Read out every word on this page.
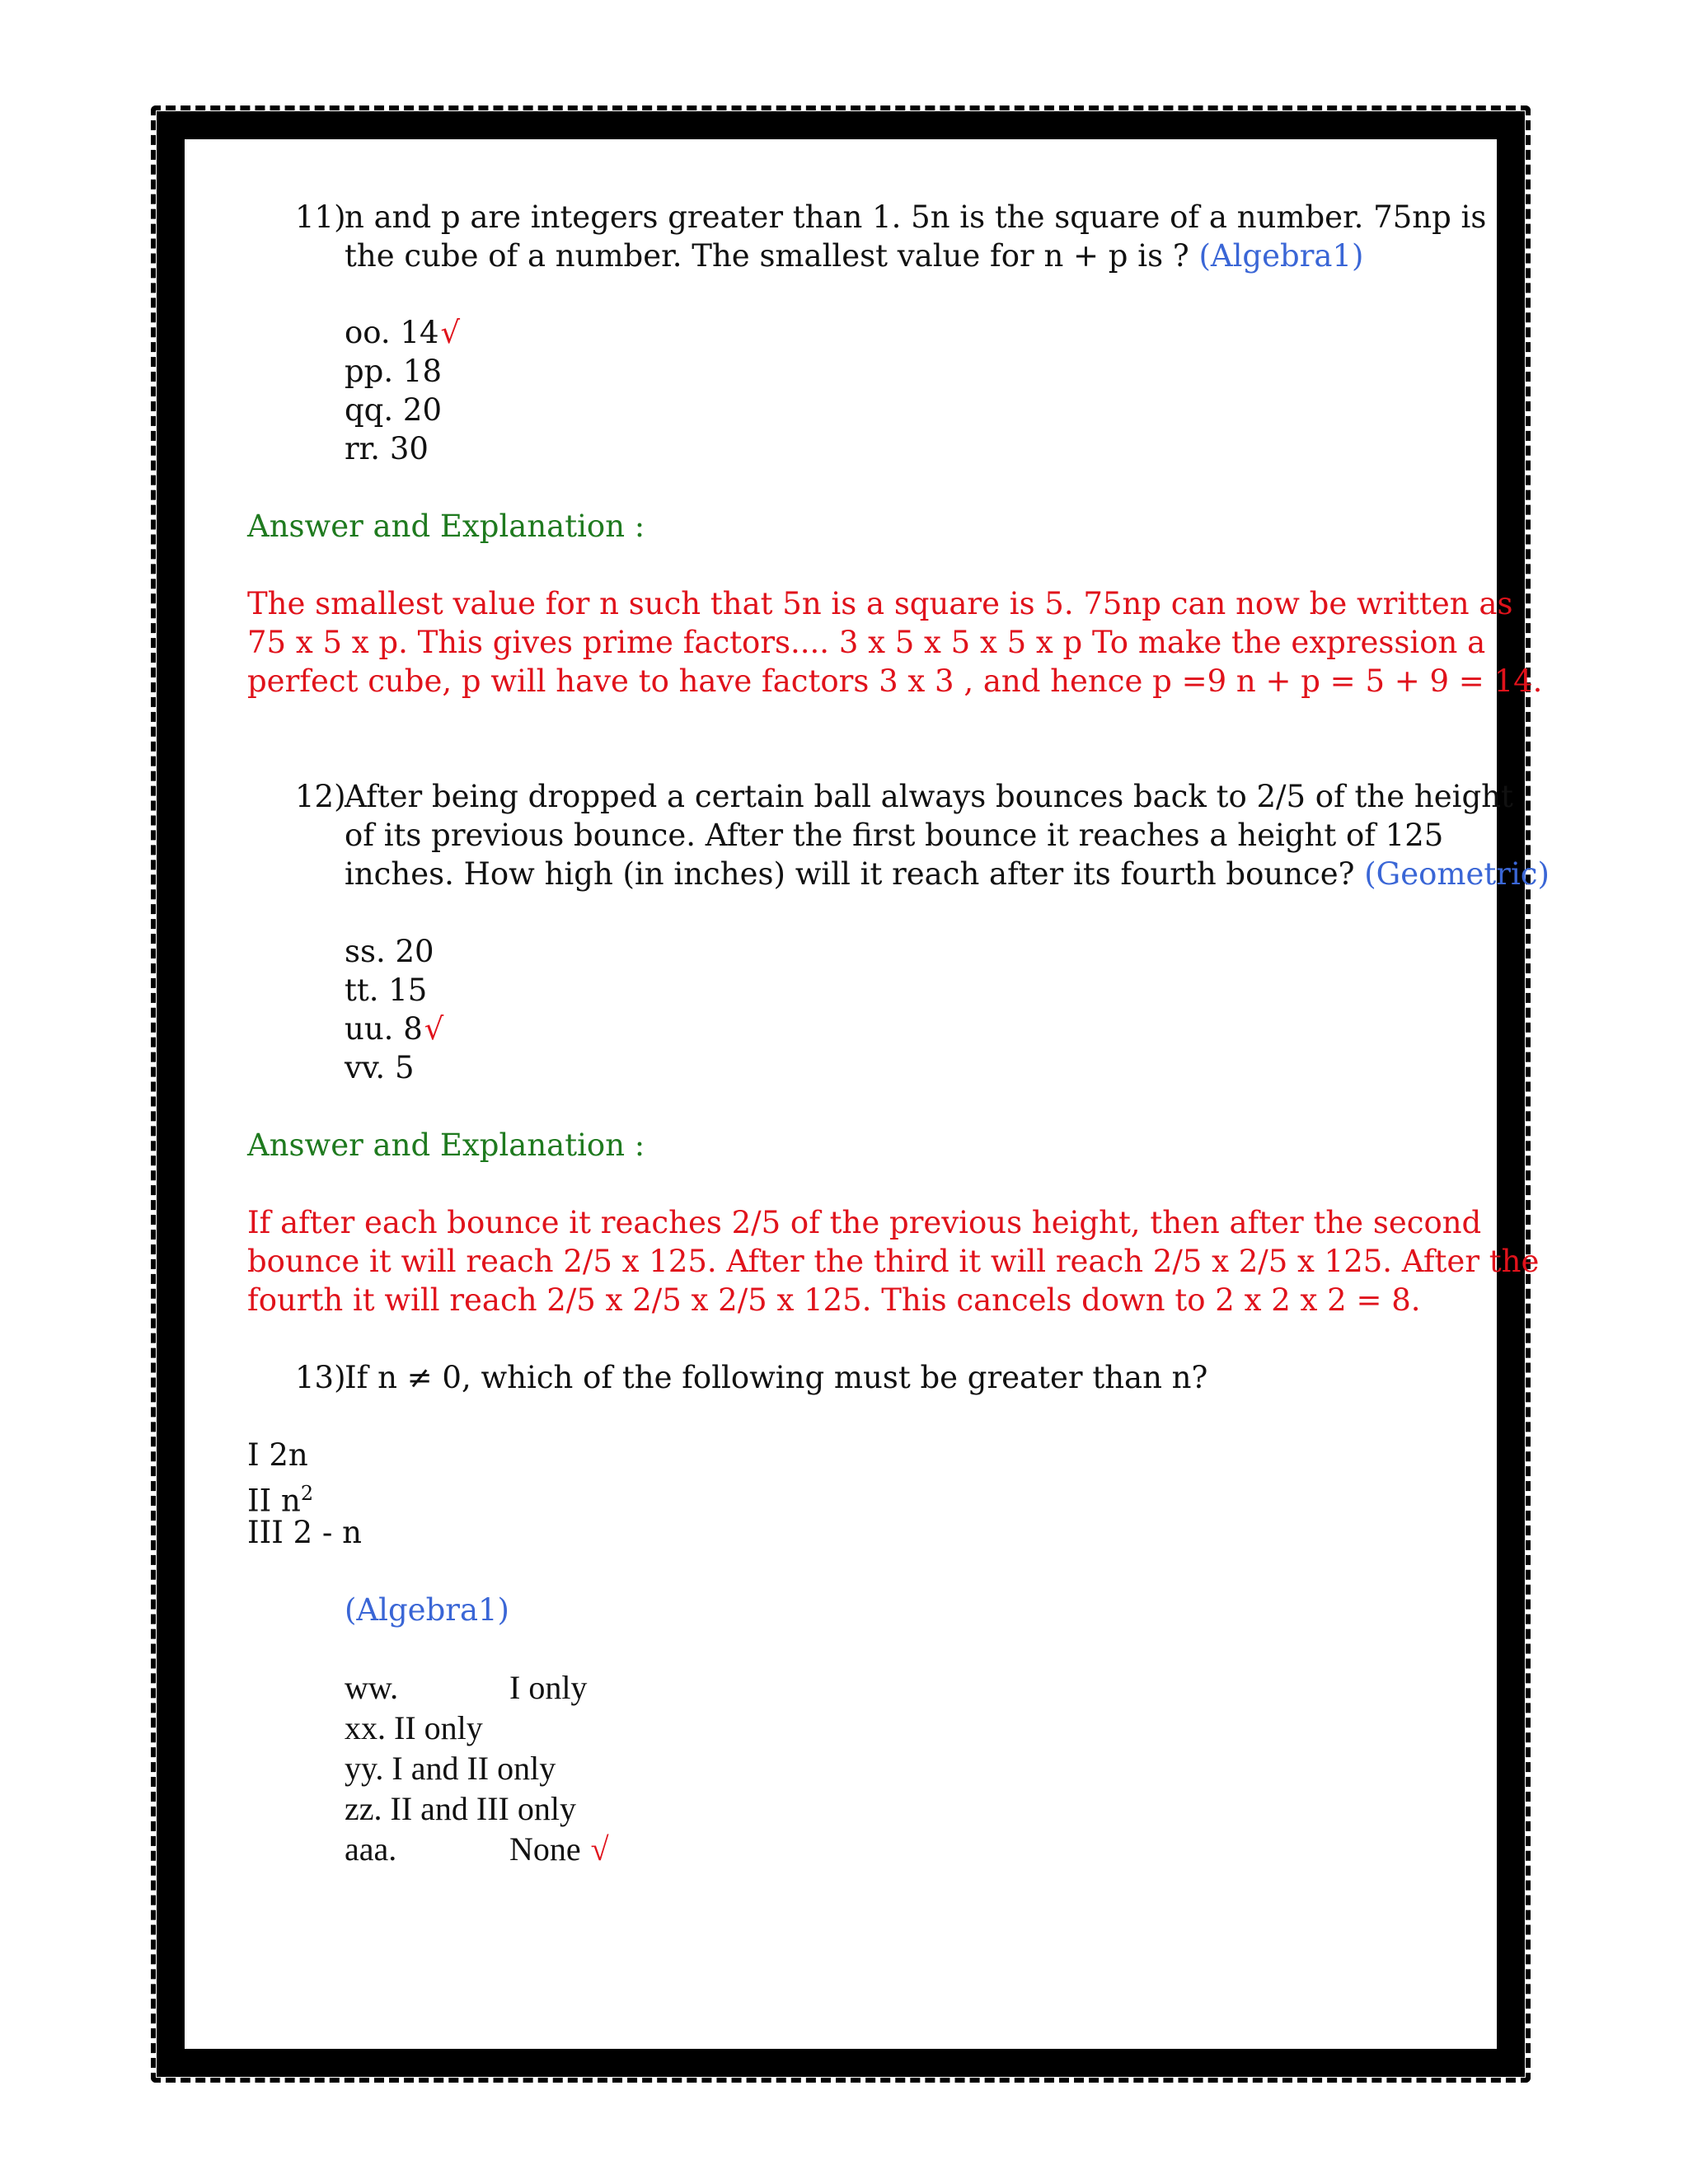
11)
n and p are integers greater than 1. 5n is the square of a number. 75np is
the cube of a number. The smallest value for n + p is ? (Algebra1)
oo. 14√
pp. 18
qq. 20
rr. 30
Answer and Explanation :
The smallest value for n such that 5n is a square is 5. 75np can now be written as
75 x 5 x p. This gives prime factors.... 3 x 5 x 5 x 5 x p To make the expression a
perfect cube, p will have to have factors 3 x 3 , and hence p =9 n + p = 5 + 9 = 14.
12)
After being dropped a certain ball always bounces back to 2/5 of the height
of its previous bounce. After the first bounce it reaches a height of 125
inches. How high (in inches) will it reach after its fourth bounce? (Geometric)
ss. 20
tt. 15
uu. 8√
vv. 5
Answer and Explanation :
If after each bounce it reaches 2/5 of the previous height, then after the second
bounce it will reach 2/5 x 125. After the third it will reach 2/5 x 2/5 x 125. After the
fourth it will reach 2/5 x 2/5 x 2/5 x 125. This cancels down to 2 x 2 x 2 = 8.
13)
If n ≠ 0, which of the following must be greater than n?
I 2n
II $n^2$
III 2 - n
(Algebra1)
ww.	I only
xx. II only
yy. I and II only
zz. II and III only
aaa.	None √
